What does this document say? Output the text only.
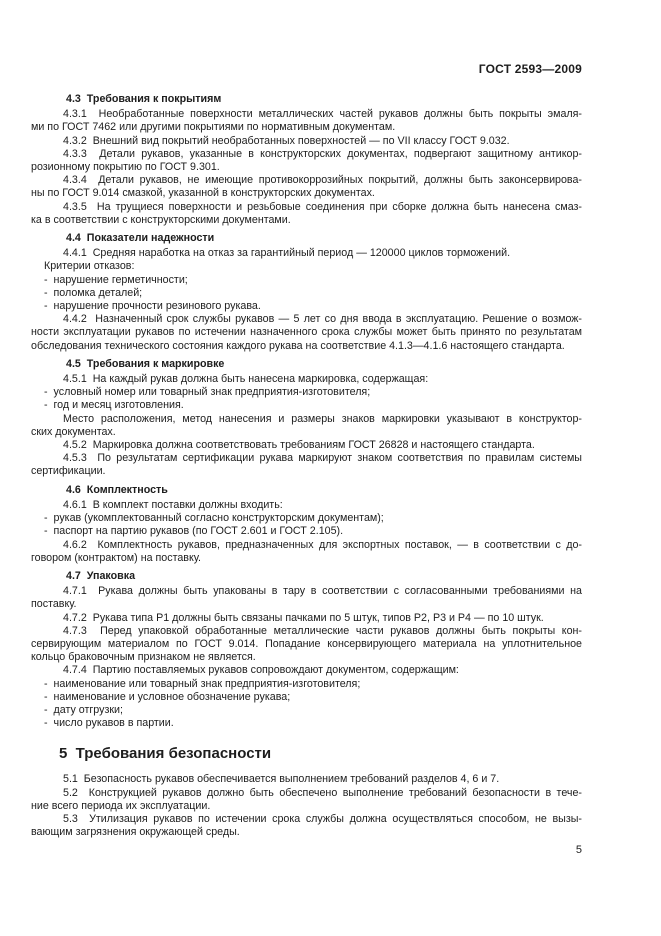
ГОСТ 2593—2009
4.3  Требования к покрытиям
4.3.1  Необработанные поверхности металлических частей рукавов должны быть покрыты эмаля-
ми по ГОСТ 7462 или другими покрытиями по нормативным документам.
4.3.2  Внешний вид покрытий необработанных поверхностей — по VII классу ГОСТ 9.032.
4.3.3  Детали рукавов, указанные в конструкторских документах, подвергают защитному антикор-
розионному покрытию по ГОСТ 9.301.
4.3.4  Детали рукавов, не имеющие противокоррозийных покрытий, должны быть законсервирова-
ны по ГОСТ 9.014 смазкой, указанной в конструкторских документах.
4.3.5  На трущиеся поверхности и резьбовые соединения при сборке должна быть нанесена смаз-
ка в соответствии с конструкторскими документами.
4.4  Показатели надежности
4.4.1  Средняя наработка на отказ за гарантийный период — 120000 циклов торможений.
Критерии отказов:
-  нарушение герметичности;
-  поломка деталей;
-  нарушение прочности резинового рукава.
4.4.2  Назначенный срок службы рукавов — 5 лет со дня ввода в эксплуатацию. Решение о возмож-
ности эксплуатации рукавов по истечении назначенного срока службы может быть принято по результатам
обследования технического состояния каждого рукава на соответствие 4.1.3—4.1.6 настоящего стандарта.
4.5  Требования к маркировке
4.5.1  На каждый рукав должна быть нанесена маркировка, содержащая:
-  условный номер или товарный знак предприятия-изготовителя;
-  год и месяц изготовления.
Место расположения, метод нанесения и размеры знаков маркировки указывают в конструктор-
ских документах.
4.5.2  Маркировка должна соответствовать требованиям ГОСТ 26828 и настоящего стандарта.
4.5.3  По результатам сертификации рукава маркируют знаком соответствия по правилам системы
сертификации.
4.6  Комплектность
4.6.1  В комплект поставки должны входить:
-  рукав (укомплектованный согласно конструкторским документам);
-  паспорт на партию рукавов (по ГОСТ 2.601 и ГОСТ 2.105).
4.6.2  Комплектность рукавов, предназначенных для экспортных поставок, — в соответствии с до-
говором (контрактом) на поставку.
4.7  Упаковка
4.7.1  Рукава должны быть упакованы в тару в соответствии с согласованными требованиями на
поставку.
4.7.2  Рукава типа Р1 должны быть связаны пачками по 5 штук, типов Р2, Р3 и Р4 — по 10 штук.
4.7.3  Перед упаковкой обработанные металлические части рукавов должны быть покрыты кон-
сервирующим материалом по ГОСТ 9.014. Попадание консервирующего материала на уплотнительное
кольцо браковочным признаком не является.
4.7.4  Партию поставляемых рукавов сопровождают документом, содержащим:
-  наименование или товарный знак предприятия-изготовителя;
-  наименование и условное обозначение рукава;
-  дату отгрузки;
-  число рукавов в партии.
5  Требования безопасности
5.1  Безопасность рукавов обеспечивается выполнением требований разделов 4, 6 и 7.
5.2  Конструкцией рукавов должно быть обеспечено выполнение требований безопасности в тече-
ние всего периода их эксплуатации.
5.3  Утилизация рукавов по истечении срока службы должна осуществляться способом, не вызы-
вающим загрязнения окружающей среды.
5
